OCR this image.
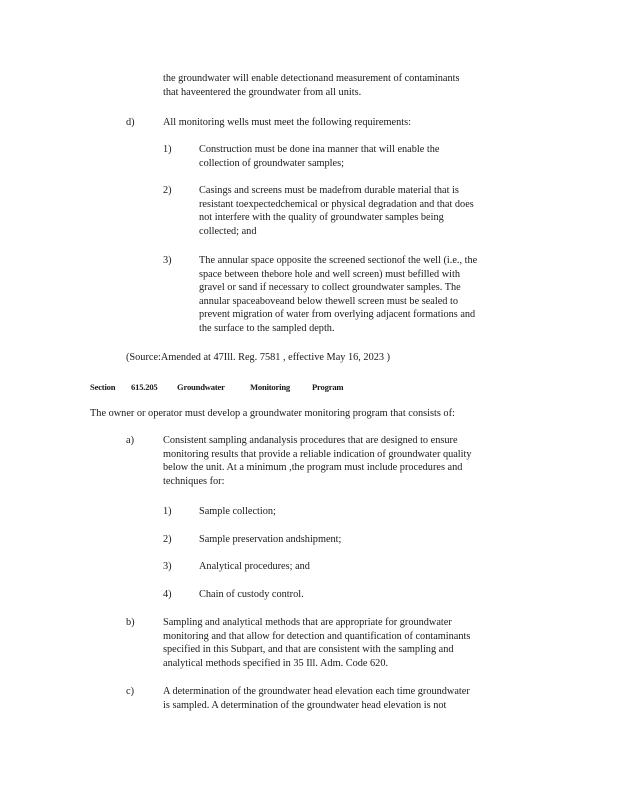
the groundwater will enable detectionand measurement of contaminants

that haveentered the groundwater from all units.

d)	All monitoring wells must meet the following requirements:

1)	Construction must be done ina manner that will enable the

collection of groundwater samples;

2)	Casings and screens must be madefrom durable material that is

resistant toexpectedchemical or physical degradation and that does

not interfere with the quality of groundwater samples being

collected; and

3)	The annular space opposite the screened sectionof the well (i.e., the

space between thebore hole and well screen) must befilled with

gravel or sand if necessary to collect groundwater samples. The

annular spaceaboveand below thewell screen must be sealed to

prevent migration of water from overlying adjacent formations and

the surface to the sampled depth.

(Source:Amended at 47Ill. Reg. 7581 , effective May 16, 2023 )

Section 615.205 Groundwater	Monitoring	Program

The owner or operator must develop a groundwater monitoring program that consists of:

a)	Consistent sampling andanalysis procedures that are designed to ensure

monitoring results that provide a reliable indication of groundwater quality

below the unit. At a minimum ,the program must include procedures and

techniques for:

1)	Sample collection;

2)	Sample preservation andshipment;

3)	Analytical procedures; and

4)	Chain of custody control.

b)	Sampling and analytical methods that are appropriate for groundwater

monitoring and that allow for detection and quantification of contaminants

specified in this Subpart, and that are consistent with the sampling and

analytical methods specified in 35 Ill. Adm. Code 620.

c)	A determination of the groundwater head elevation each time groundwater

is sampled. A determination of the groundwater head elevation is not
